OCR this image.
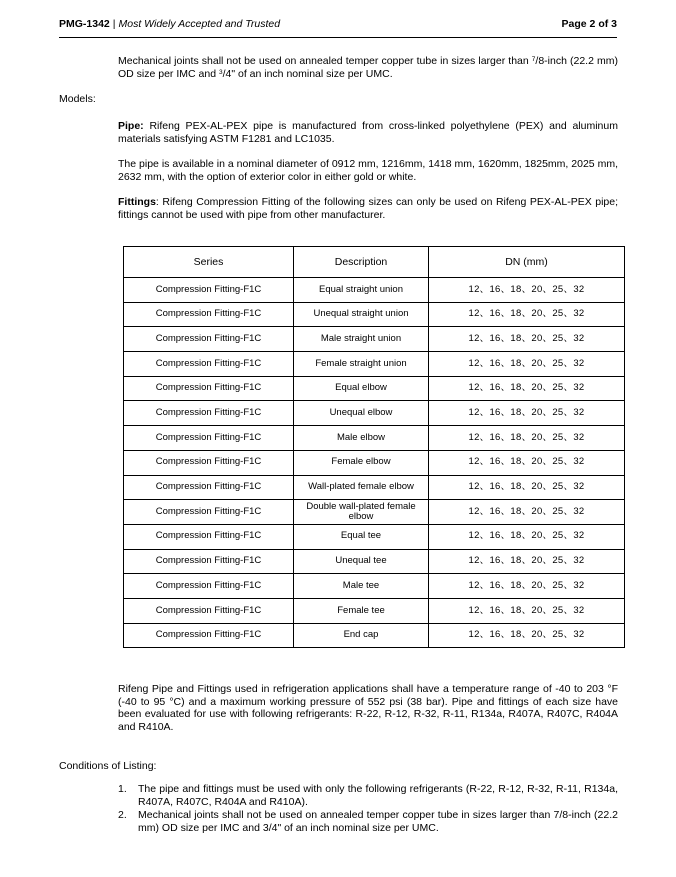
PMG-1342 | Most Widely Accepted and Trusted	Page 2 of 3

Mechanical joints shall not be used on annealed temper copper tube in sizes larger than $^7$/8-inch (22.2 mm) OD size per IMC and $^3$/4" of an inch nominal size per UMC.

Models:

Pipe: Rifeng PEX-AL-PEX pipe is manufactured from cross-linked polyethylene (PEX) and aluminum materials satisfying ASTM F1281 and LC1035.

The pipe is available in a nominal diameter of 0912 mm, 1216mm, 1418 mm, 1620mm, 1825mm, 2025 mm, 2632 mm, with the option of exterior color in either gold or white.

Fittings: Rifeng Compression Fitting of the following sizes can only be used on Rifeng PEX-AL-PEX pipe; fittings cannot be used with pipe from other manufacturer.

Series	Description	DN (mm)
Compression Fitting-F1C	Equal straight union	12、16、18、20、25、32
Compression Fitting-F1C	Unequal straight union	12、16、18、20、25、32
Compression Fitting-F1C	Male straight union	12、16、18、20、25、32
Compression Fitting-F1C	Female straight union	12、16、18、20、25、32
Compression Fitting-F1C	Equal elbow	12、16、18、20、25、32
Compression Fitting-F1C	Unequal elbow	12、16、18、20、25、32
Compression Fitting-F1C	Male elbow	12、16、18、20、25、32
Compression Fitting-F1C	Female elbow	12、16、18、20、25、32
Compression Fitting-F1C	Wall-plated female elbow	12、16、18、20、25、32
Compression Fitting-F1C	Double wall-plated female elbow	12、16、18、20、25、32
Compression Fitting-F1C	Equal tee	12、16、18、20、25、32
Compression Fitting-F1C	Unequal tee	12、16、18、20、25、32
Compression Fitting-F1C	Male tee	12、16、18、20、25、32
Compression Fitting-F1C	Female tee	12、16、18、20、25、32
Compression Fitting-F1C	End cap	12、16、18、20、25、32

Rifeng Pipe and Fittings used in refrigeration applications shall have a temperature range of -40 to 203 °F (-40 to 95 °C) and a maximum working pressure of 552 psi (38 bar). Pipe and fittings of each size have been evaluated for use with following refrigerants: R-22, R-12, R-32, R-11, R134a, R407A, R407C, R404A and R410A.

Conditions of Listing:

1. The pipe and fittings must be used with only the following refrigerants (R-22, R-12, R-32, R-11, R134a, R407A, R407C, R404A and R410A).
2. Mechanical joints shall not be used on annealed temper copper tube in sizes larger than 7/8-inch (22.2 mm) OD size per IMC and 3/4" of an inch nominal size per UMC.
